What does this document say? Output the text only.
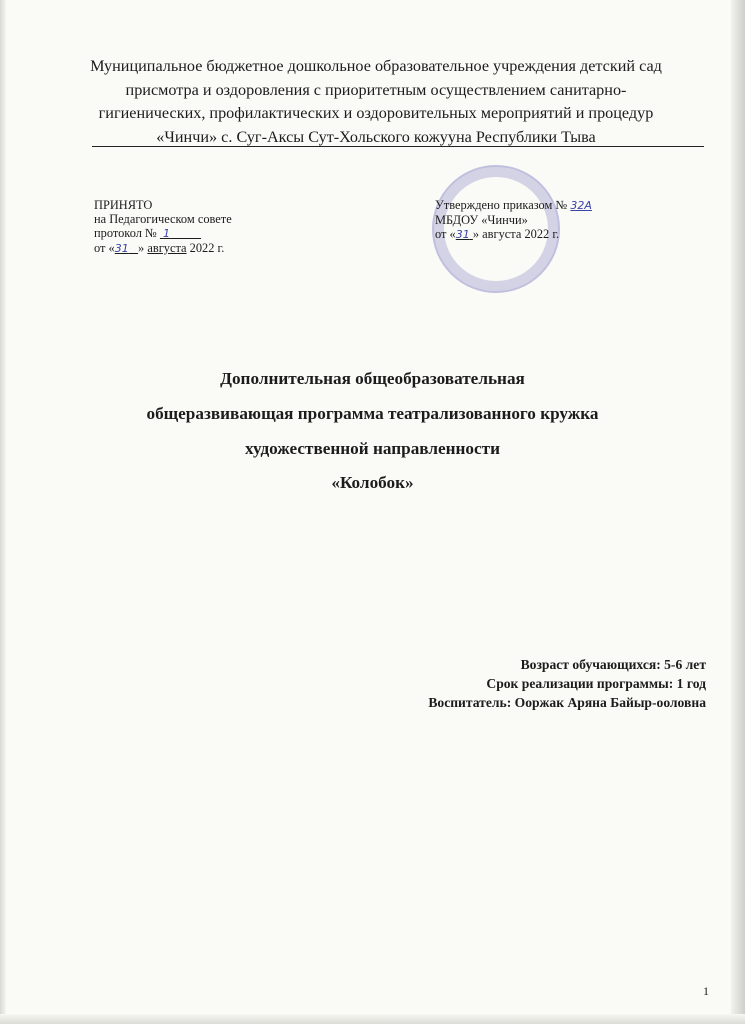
Муниципальное бюджетное дошкольное образовательное учреждения детский сад
присмотра и оздоровления с приоритетным осуществлением санитарно-
гигиенических, профилактических и оздоровительных мероприятий и процедур
«Чинчи» с. Суг-Аксы Сут-Хольского кожууна Республики Тыва
ПРИНЯТО
на Педагогическом совете
протокол №  1
от «31 » августа 2022 г.
Утверждено приказом № 32А
МБДОУ «Чинчи»
от «31 » августа 2022 г.
Дополнительная общеобразовательная
общеразвивающая программа театрализованного кружка
художественной направленности
«Колобок»
Возраст обучающихся: 5-6 лет
Срок реализации программы: 1 год
Воспитатель: Ооржак Аряна Байыр-ооловна
1
